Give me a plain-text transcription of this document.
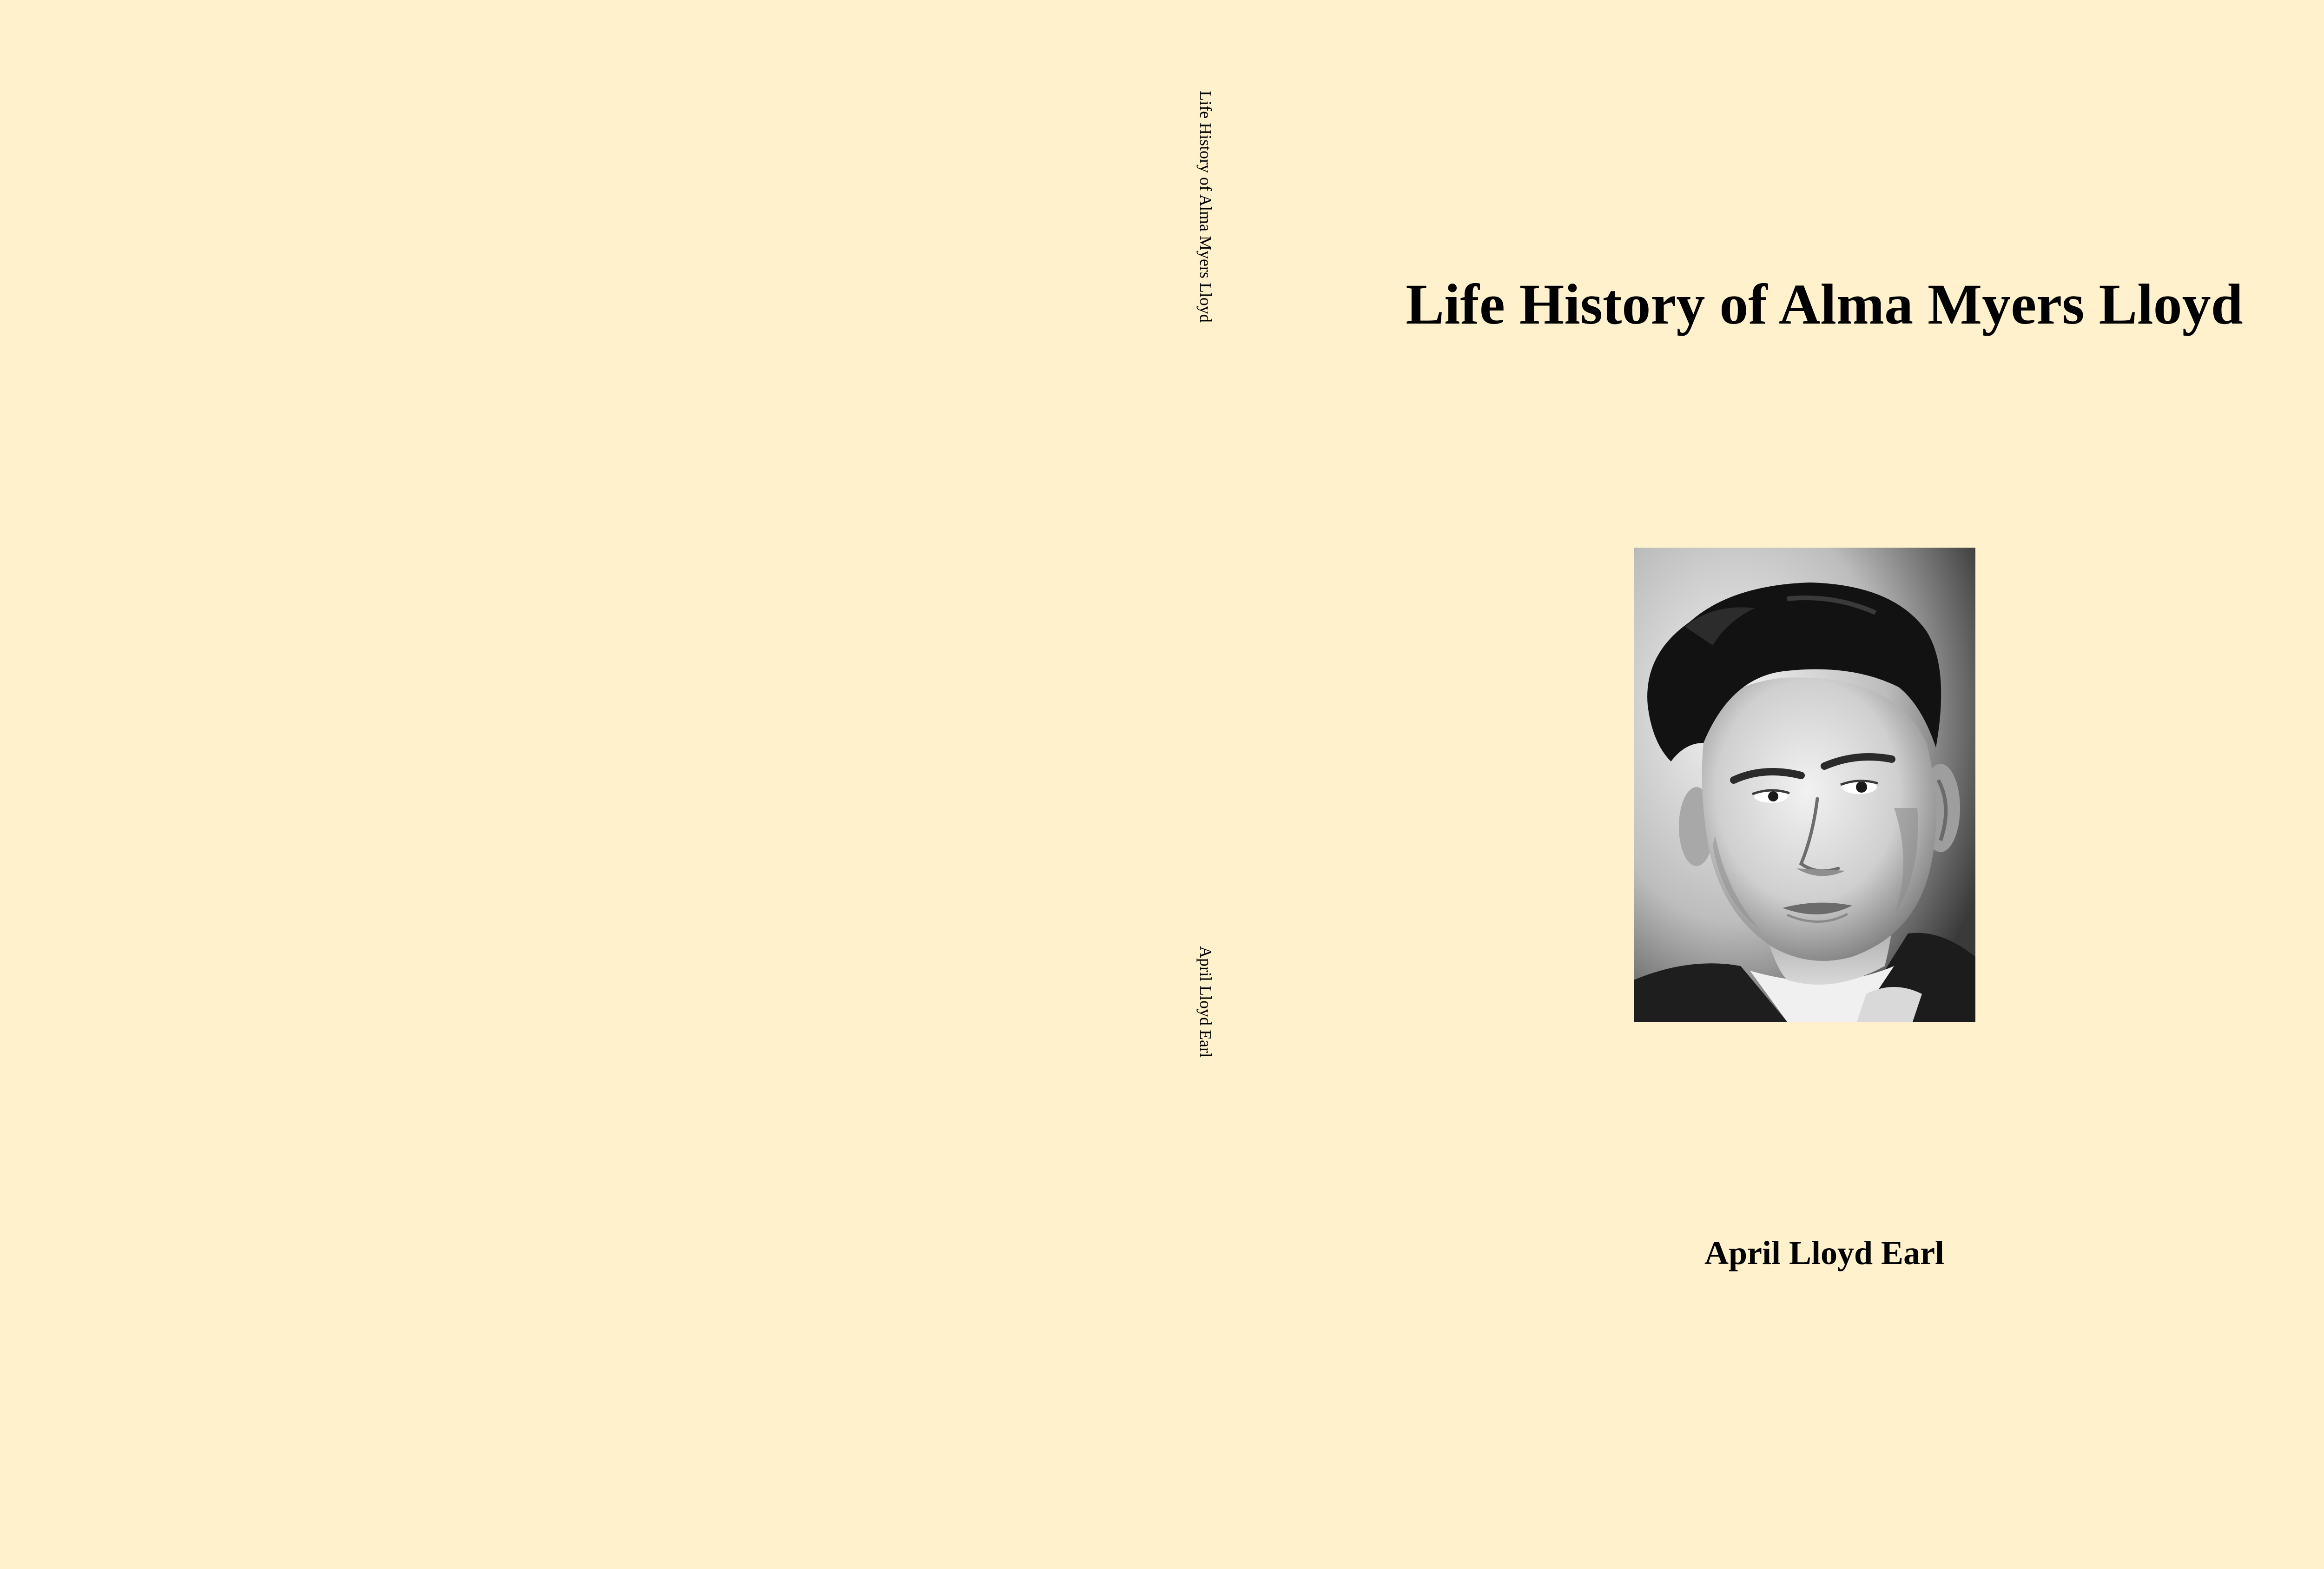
Life History of Alma Myers Lloyd
April Lloyd Earl
Life History of Alma Myers Lloyd

April Lloyd Earl
